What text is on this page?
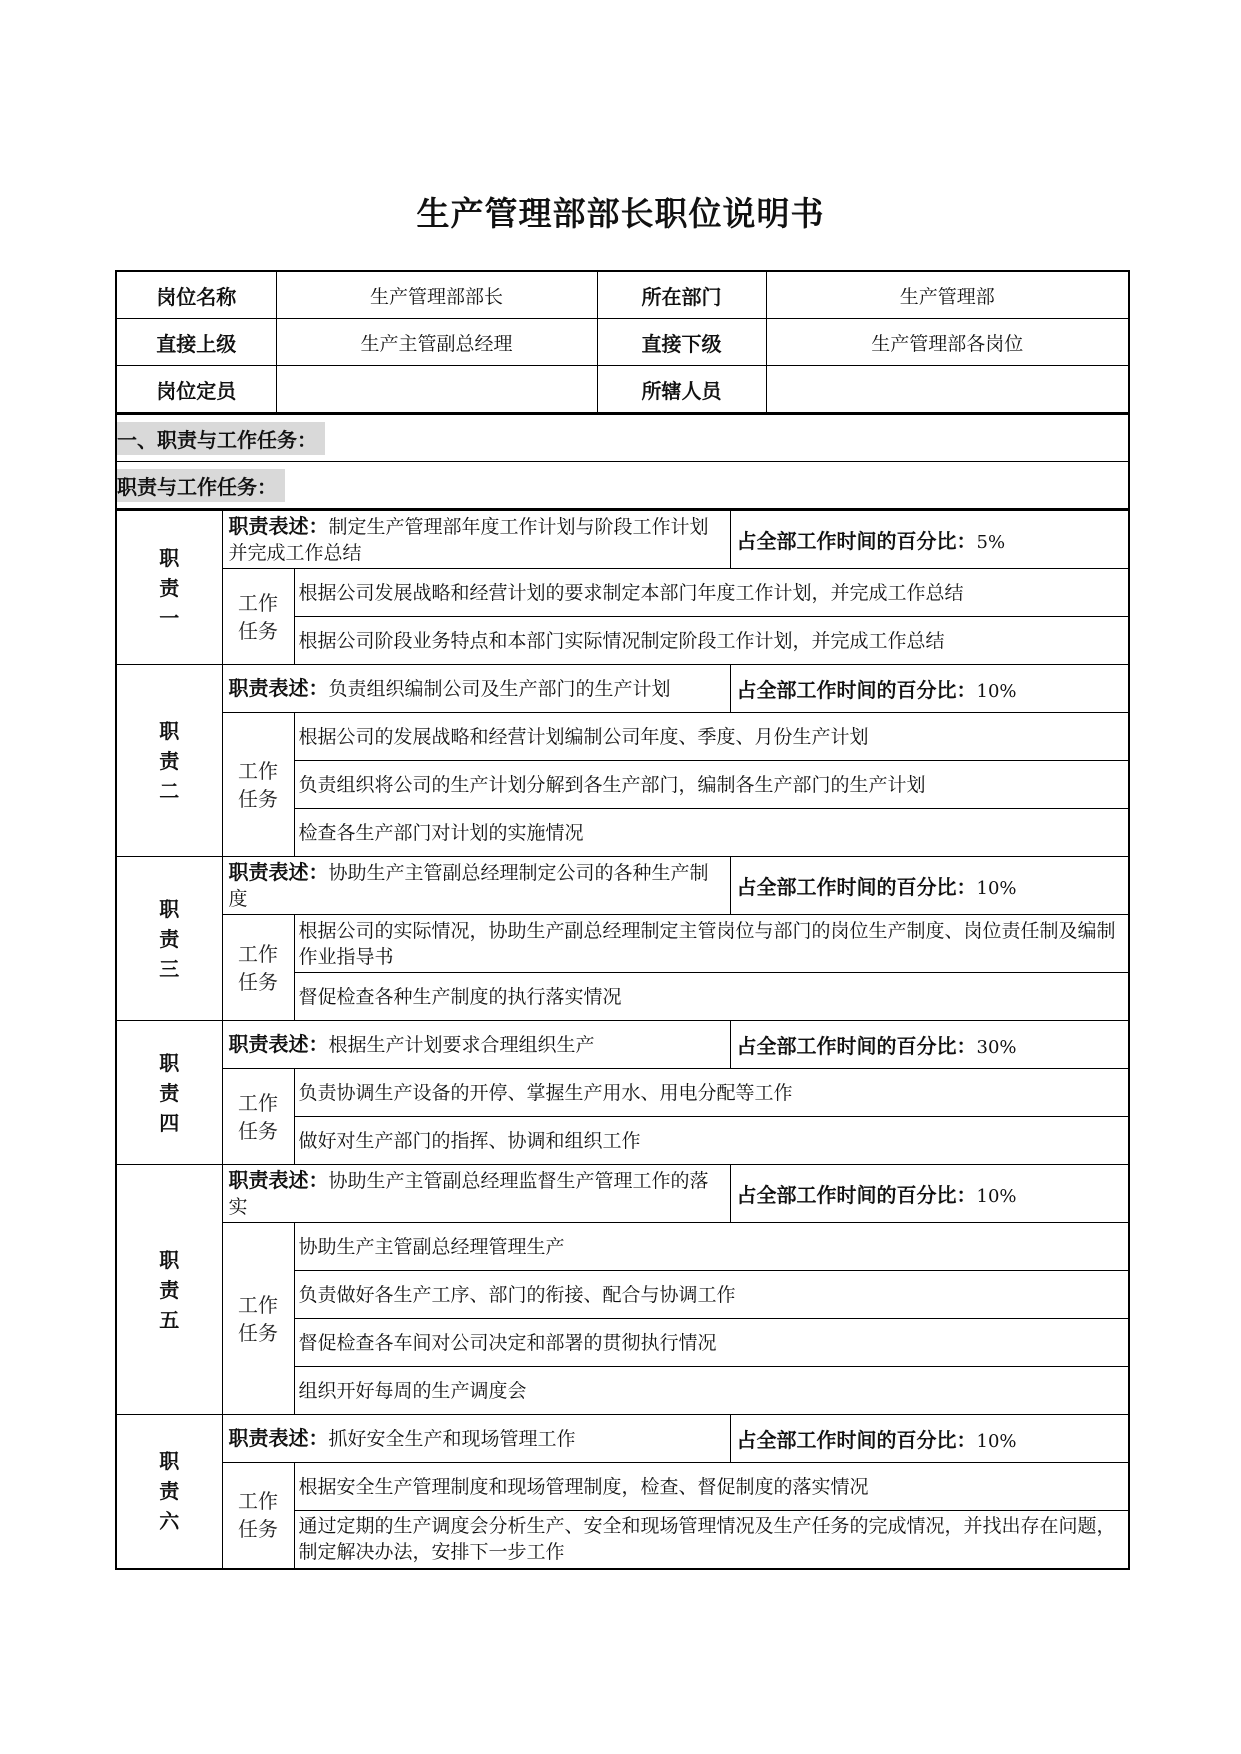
生产管理部部长职位说明书
岗位名称	生产管理部部长	所在部门	生产管理部
直接上级	生产主管副总经理	直接下级	生产管理部各岗位
岗位定员		所辖人员	
一、职责与工作任务：
职责与工作任务：
职
责
一	职责表述：制定生产管理部年度工作计划与阶段工作计划并完成工作总结		占全部工作时间的百分比：5%

	工作
任务	根据公司发展战略和经营计划的要求制定本部门年度工作计划，并完成工作总结	
		根据公司阶段业务特点和本部门实际情况制定阶段工作计划，并完成工作总结	

职
责
二	职责表述：负责组织编制公司及生产部门的生产计划		占全部工作时间的百分比：10%

	工作
任务	根据公司的发展战略和经营计划编制公司年度、季度、月份生产计划	
		负责组织将公司的生产计划分解到各生产部门，编制各生产部门的生产计划	
		检查各生产部门对计划的实施情况	

职
责
三	职责表述：协助生产主管副总经理制定公司的各种生产制度		占全部工作时间的百分比：10%

	工作
任务	根据公司的实际情况，协助生产副总经理制定主管岗位与部门的岗位生产制度、岗位责任制及编制作业指导书	
		督促检查各种生产制度的执行落实情况	

职
责
四	职责表述：根据生产计划要求合理组织生产		占全部工作时间的百分比：30%

	工作
任务	负责协调生产设备的开停、掌握生产用水、用电分配等工作	
		做好对生产部门的指挥、协调和组织工作	

职
责
五	职责表述：协助生产主管副总经理监督生产管理工作的落实		占全部工作时间的百分比：10%

	工作
任务	协助生产主管副总经理管理生产	
		负责做好各生产工序、部门的衔接、配合与协调工作	
		督促检查各车间对公司决定和部署的贯彻执行情况	
		组织开好每周的生产调度会	

职
责
六	职责表述：抓好安全生产和现场管理工作		占全部工作时间的百分比：10%

	工作
任务	根据安全生产管理制度和现场管理制度，检查、督促制度的落实情况	
		通过定期的生产调度会分析生产、安全和现场管理情况及生产任务的完成情况，并找出存在问题，制定解决办法，安排下一步工作	
